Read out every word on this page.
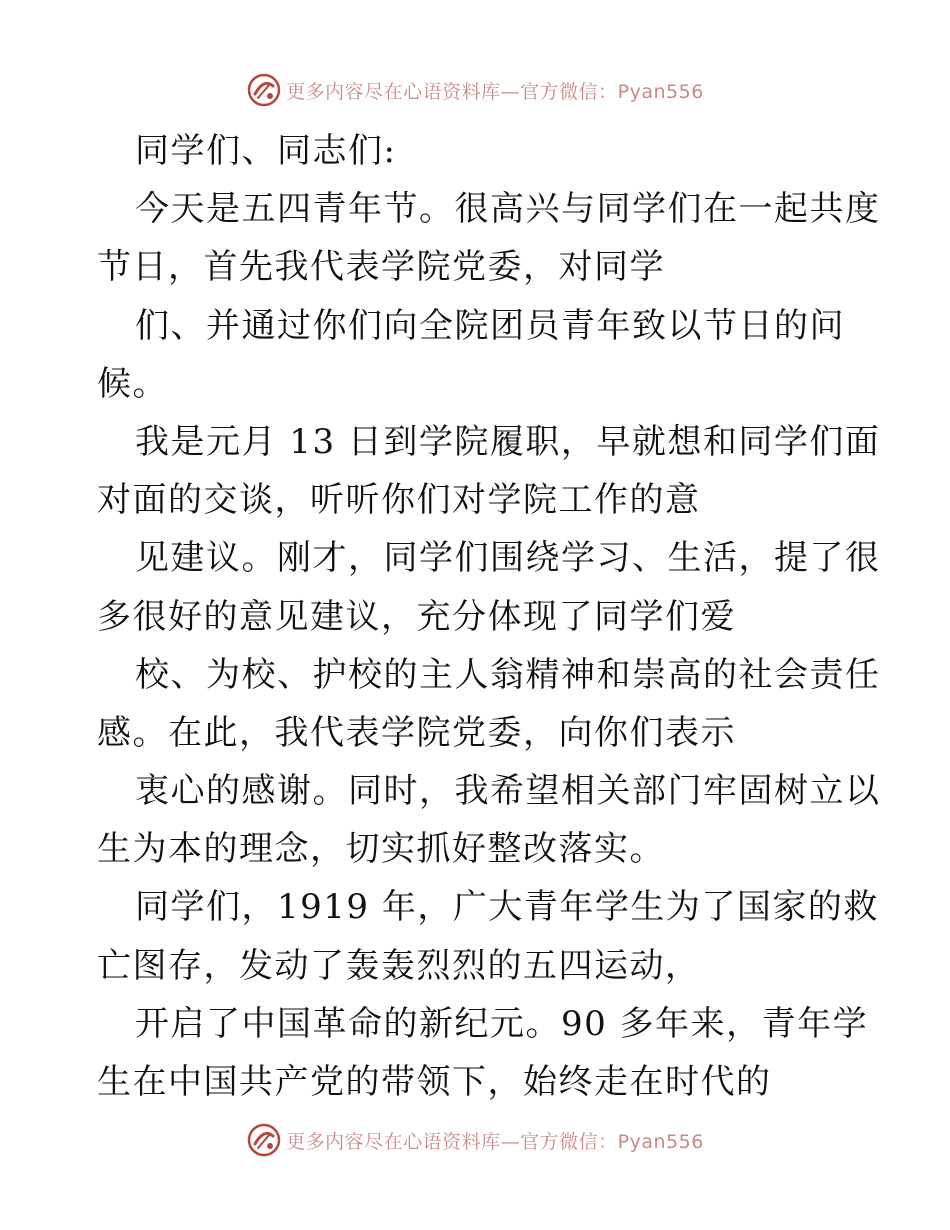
更多内容尽在心语资料库—官方微信：Pyan556
同学们、同志们:
今天是五四青年节。很高兴与同学们在一起共度
节日，首先我代表学院党委，对同学
们、并通过你们向全院团员青年致以节日的问
候。
我是元月 13 日到学院履职，早就想和同学们面
对面的交谈，听听你们对学院工作的意
见建议。刚才，同学们围绕学习、生活，提了很
多很好的意见建议，充分体现了同学们爱
校、为校、护校的主人翁精神和崇高的社会责任
感。在此，我代表学院党委，向你们表示
衷心的感谢。同时，我希望相关部门牢固树立以
生为本的理念，切实抓好整改落实。
同学们，1919 年，广大青年学生为了国家的救
亡图存，发动了轰轰烈烈的五四运动，
开启了中国革命的新纪元。90 多年来，青年学
生在中国共产党的带领下，始终走在时代的
更多内容尽在心语资料库—官方微信：Pyan556
